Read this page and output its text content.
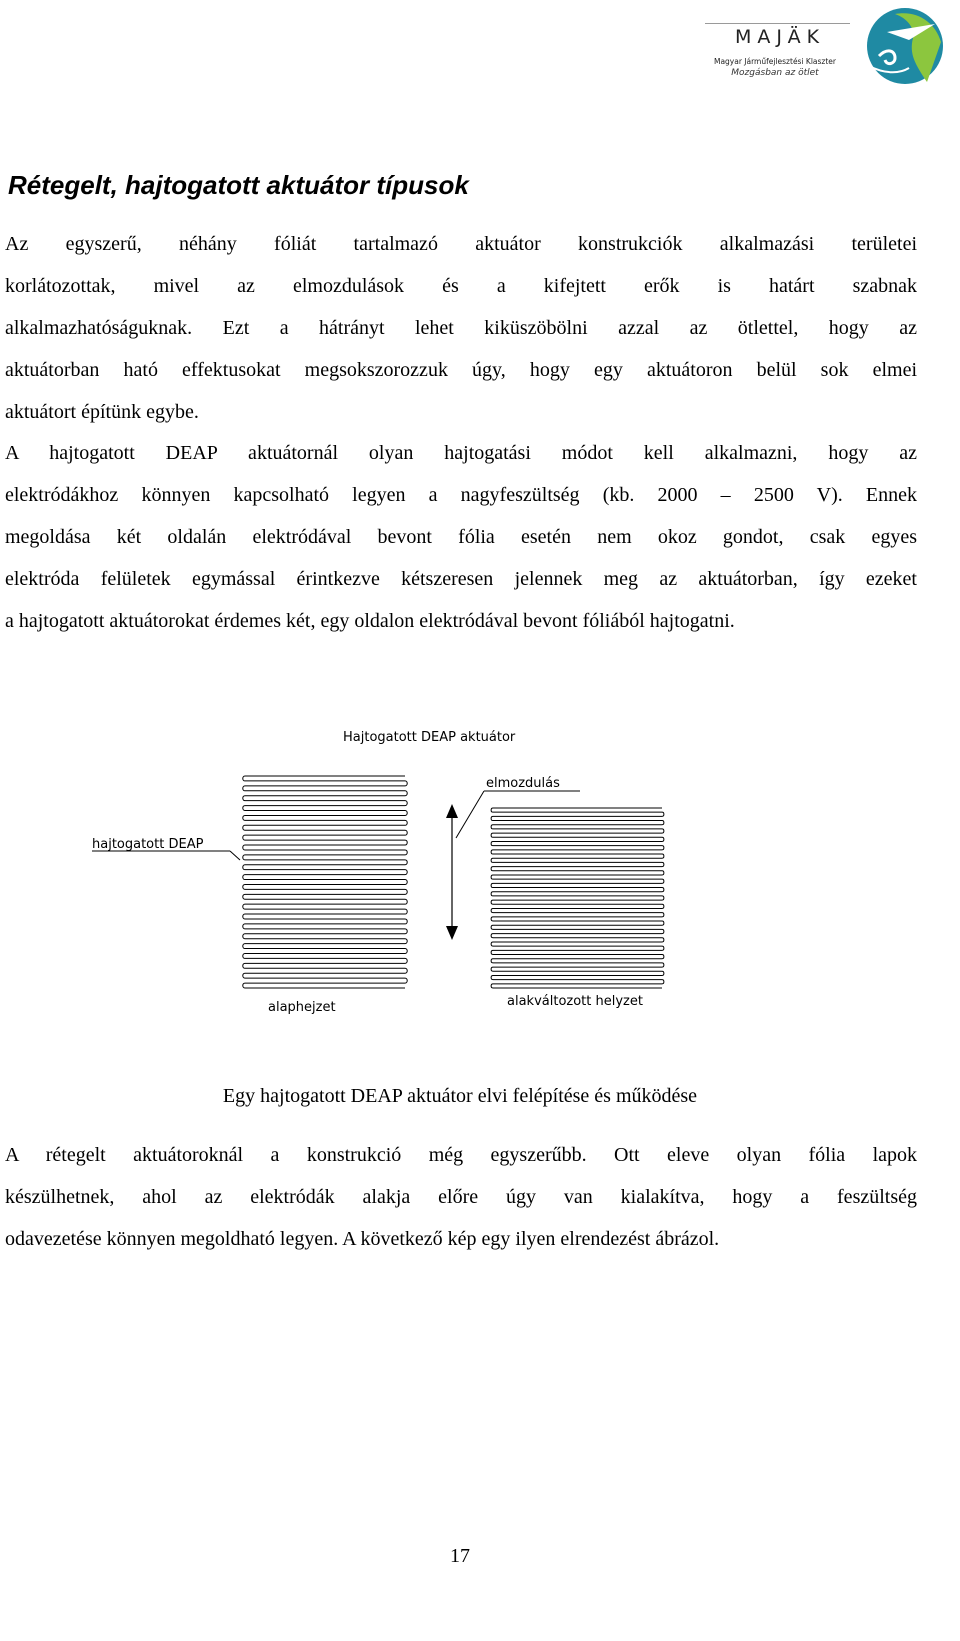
MAJÄK
Magyar Járműfejlesztési Klaszter
Mozgásban az ötlet
Rétegelt, hajtogatott aktuátor típusok
Az egyszerű, néhány fóliát tartalmazó aktuátor konstrukciók alkalmazási területei
korlátozottak, mivel az elmozdulások és a kifejtett erők is határt szabnak
alkalmazhatóságuknak. Ezt a hátrányt lehet kiküszöbölni azzal az ötlettel, hogy az
aktuátorban ható effektusokat megsokszorozzuk úgy, hogy egy aktuátoron belül sok elmei
aktuátort építünk egybe.
A hajtogatott DEAP aktuátornál olyan hajtogatási módot kell alkalmazni, hogy az
elektródákhoz könnyen kapcsolható legyen a nagyfeszültség (kb. 2000 – 2500 V). Ennek
megoldása két oldalán elektródával bevont fólia esetén nem okoz gondot, csak egyes
elektróda felületek egymással érintkezve kétszeresen jelennek meg az aktuátorban, így ezeket
a hajtogatott aktuátorokat érdemes két, egy oldalon elektródával bevont fóliából hajtogatni.
Hajtogatott DEAP aktuátor
elmozdulás
hajtogatott DEAP
alaphejzet	alakváltozott helyzet
Egy hajtogatott DEAP aktuátor elvi felépítése és működése
A rétegelt aktuátoroknál a konstrukció még egyszerűbb. Ott eleve olyan fólia lapok
készülhetnek, ahol az elektródák alakja előre úgy van kialakítva, hogy a feszültség
odavezetése könnyen megoldható legyen. A következő kép egy ilyen elrendezést ábrázol.
17
